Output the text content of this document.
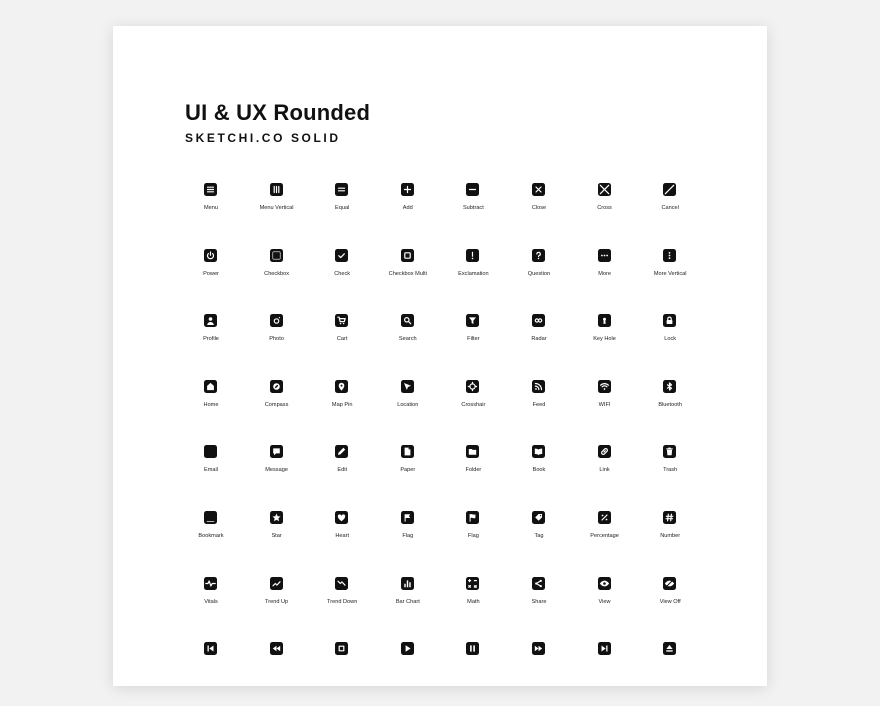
UI & UX Rounded
SKETCHI.CO SOLID
Menu	Menu Vertical	Equal	Add	Subtract	Close	Cross	Cancel
Power	Checkbox	Check	Checkbox Multi	Exclamation	Question	More	More Vertical
Profile	Photo	Cart	Search	Filter	Radar	Key Hole	Lock
Home	Compass	Map Pin	Location	Crosshair	Feed	WIFI	Bluetooth
Email	Message	Edit	Paper	Folder	Book	Link	Trash
Bookmark	Star	Heart	Flag	Flag	Tag	Percentage	Number
Vitals	Trend Up	Trend Down	Bar Chart	Math	Share	View	View Off
